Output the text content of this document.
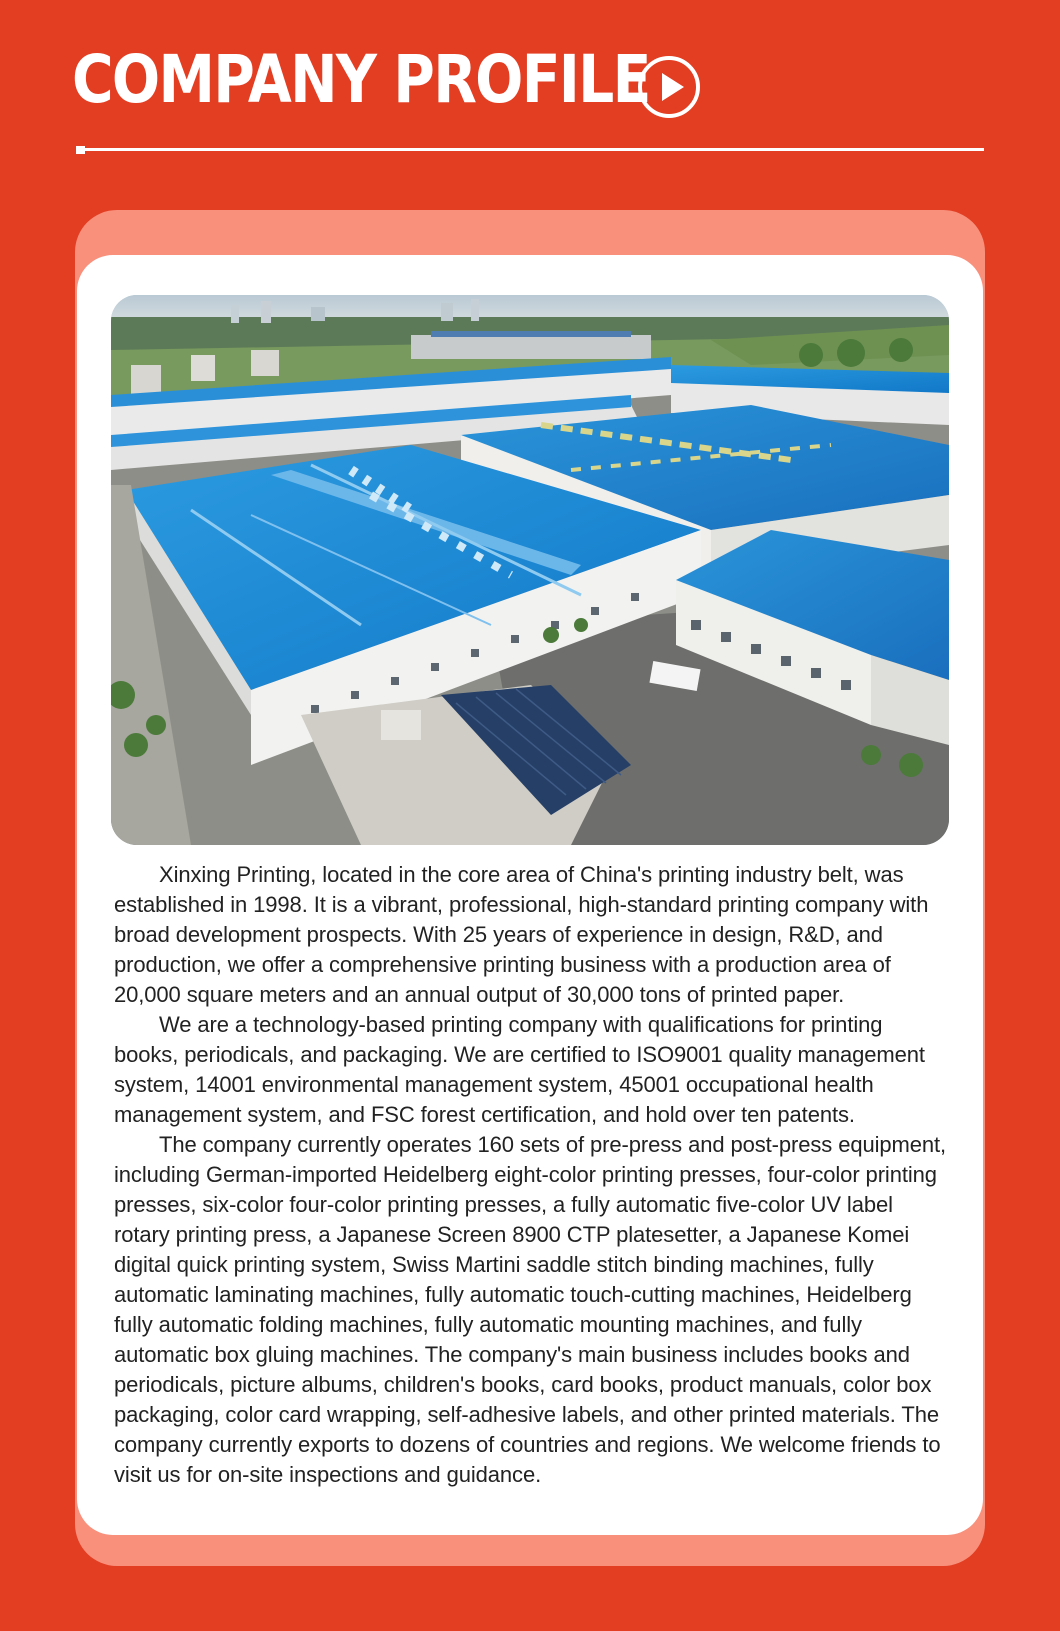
COMPANY PROFILE

Xinxing Printing, located in the core area of China's printing industry belt, was established in 1998. It is a vibrant, professional, high-standard printing company with broad development prospects. With 25 years of experience in design, R&D, and production, we offer a comprehensive printing business with a production area of 20,000 square meters and an annual output of 30,000 tons of printed paper.

We are a technology-based printing company with qualifications for printing books, periodicals, and packaging. We are certified to ISO9001 quality management system, 14001 environmental management system, 45001 occupational health management system, and FSC forest certification, and hold over ten patents.

The company currently operates 160 sets of pre-press and post-press equipment, including German-imported Heidelberg eight-color printing presses, four-color printing presses, six-color four-color printing presses, a fully automatic five-color UV label rotary printing press, a Japanese Screen 8900 CTP platesetter, a Japanese Komei digital quick printing system, Swiss Martini saddle stitch binding machines, fully automatic laminating machines, fully automatic touch-cutting machines, Heidelberg fully automatic folding machines, fully automatic mounting machines, and fully automatic box gluing machines. The company's main business includes books and periodicals, picture albums, children's books, card books, product manuals, color box packaging, color card wrapping, self-adhesive labels, and other printed materials. The company currently exports to dozens of countries and regions. We welcome friends to visit us for on-site inspections and guidance.
